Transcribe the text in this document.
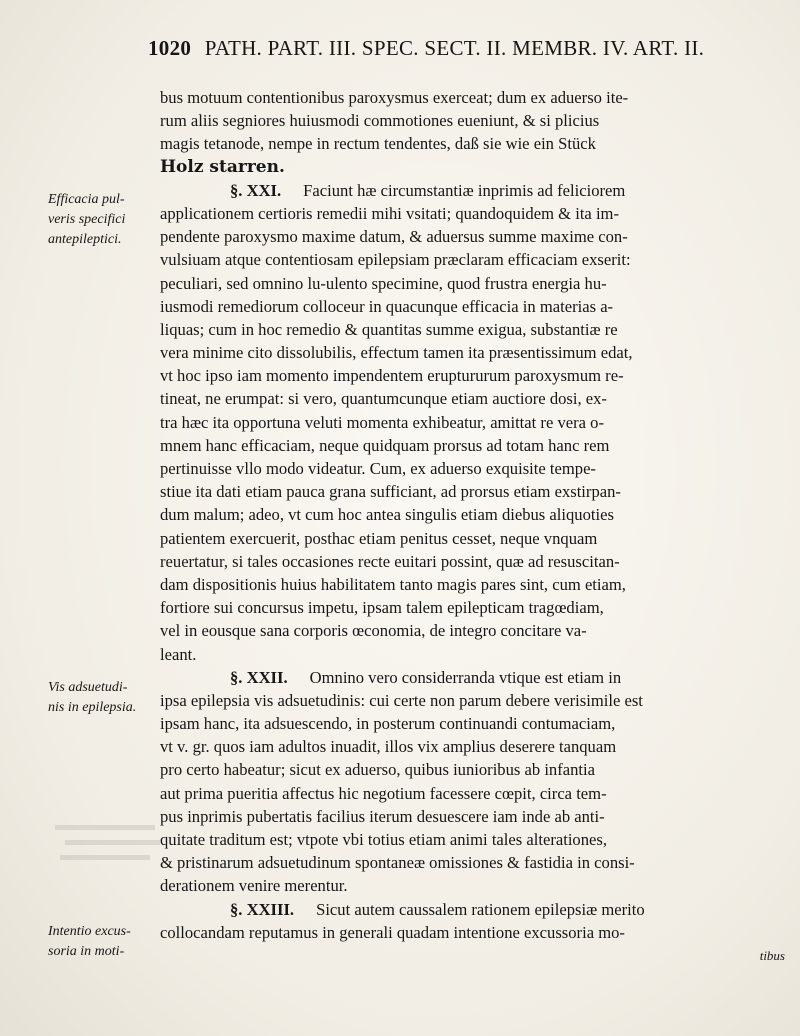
1020 PATH. PART. III. SPEC. SECT. II. MEMBR. IV. ART. II.
Efficacia pul-
veris specifici
antepileptici.
Vis adsuetudi-
nis in epilepsia.
Intentio excus-
soria in moti-
bus motuum contentionibus paroxysmus exerceat; dum ex aduerso ite-
rum aliis segniores huiusmodi commotiones eueniunt, & si plicius
magis tetanode, nempe in rectum tendentes, daß sie wie ein Stück
Holz starren.
§. XXI. Faciunt hæ circumstantiæ inprimis ad feliciorem
applicationem certioris remedii mihi vsitati; quandoquidem & ita im-
pendente paroxysmo maxime datum, & aduersus summe maxime con-
vulsiuam atque contentiosam epilepsiam præclaram efficaciam exserit:
peculiari, sed omnino lu-ulento specimine, quod frustra energia hu-
iusmodi remediorum colloceur in quacunque efficacia in materias a-
liquas; cum in hoc remedio & quantitas summe exigua, substantiæ re
vera minime cito dissolubilis, effectum tamen ita præsentissimum edat,
vt hoc ipso iam momento impendentem eruptururum paroxysmum re-
tineat, ne erumpat: si vero, quantumcunque etiam auctiore dosi, ex-
tra hæc ita opportuna veluti momenta exhibeatur, amittat re vera o-
mnem hanc efficaciam, neque quidquam prorsus ad totam hanc rem
pertinuisse vllo modo videatur. Cum, ex aduerso exquisite tempe-
stiue ita dati etiam pauca grana sufficiant, ad prorsus etiam exstirpan-
dum malum; adeo, vt cum hoc antea singulis etiam diebus aliquoties
patientem exercuerit, posthac etiam penitus cesset, neque vnquam
reuertatur, si tales occasiones recte euitari possint, quæ ad resuscitan-
dam dispositionis huius habilitatem tanto magis pares sint, cum etiam,
fortiore sui concursus impetu, ipsam talem epilepticam tragœdiam,
vel in eousque sana corporis œconomia, de integro concitare va-
leant.
§. XXII. Omnino vero considerranda vtique est etiam in
ipsa epilepsia vis adsuetudinis: cui certe non parum debere verisimile est
ipsam hanc, ita adsuescendo, in posterum continuandi contumaciam,
vt v. gr. quos iam adultos inuadit, illos vix amplius deserere tanquam
pro certo habeatur; sicut ex aduerso, quibus iunioribus ab infantia
aut prima pueritia affectus hic negotium facessere cœpit, circa tem-
pus inprimis pubertatis facilius iterum desuescere iam inde ab anti-
quitate traditum est; vtpote vbi totius etiam animi tales alterationes,
& pristinarum adsuetudinum spontaneæ omissiones & fastidia in consi-
derationem venire merentur.
§. XXIII. Sicut autem caussalem rationem epilepsiæ merito
collocandam reputamus in generali quadam intentione excussoria mo-
tibus
